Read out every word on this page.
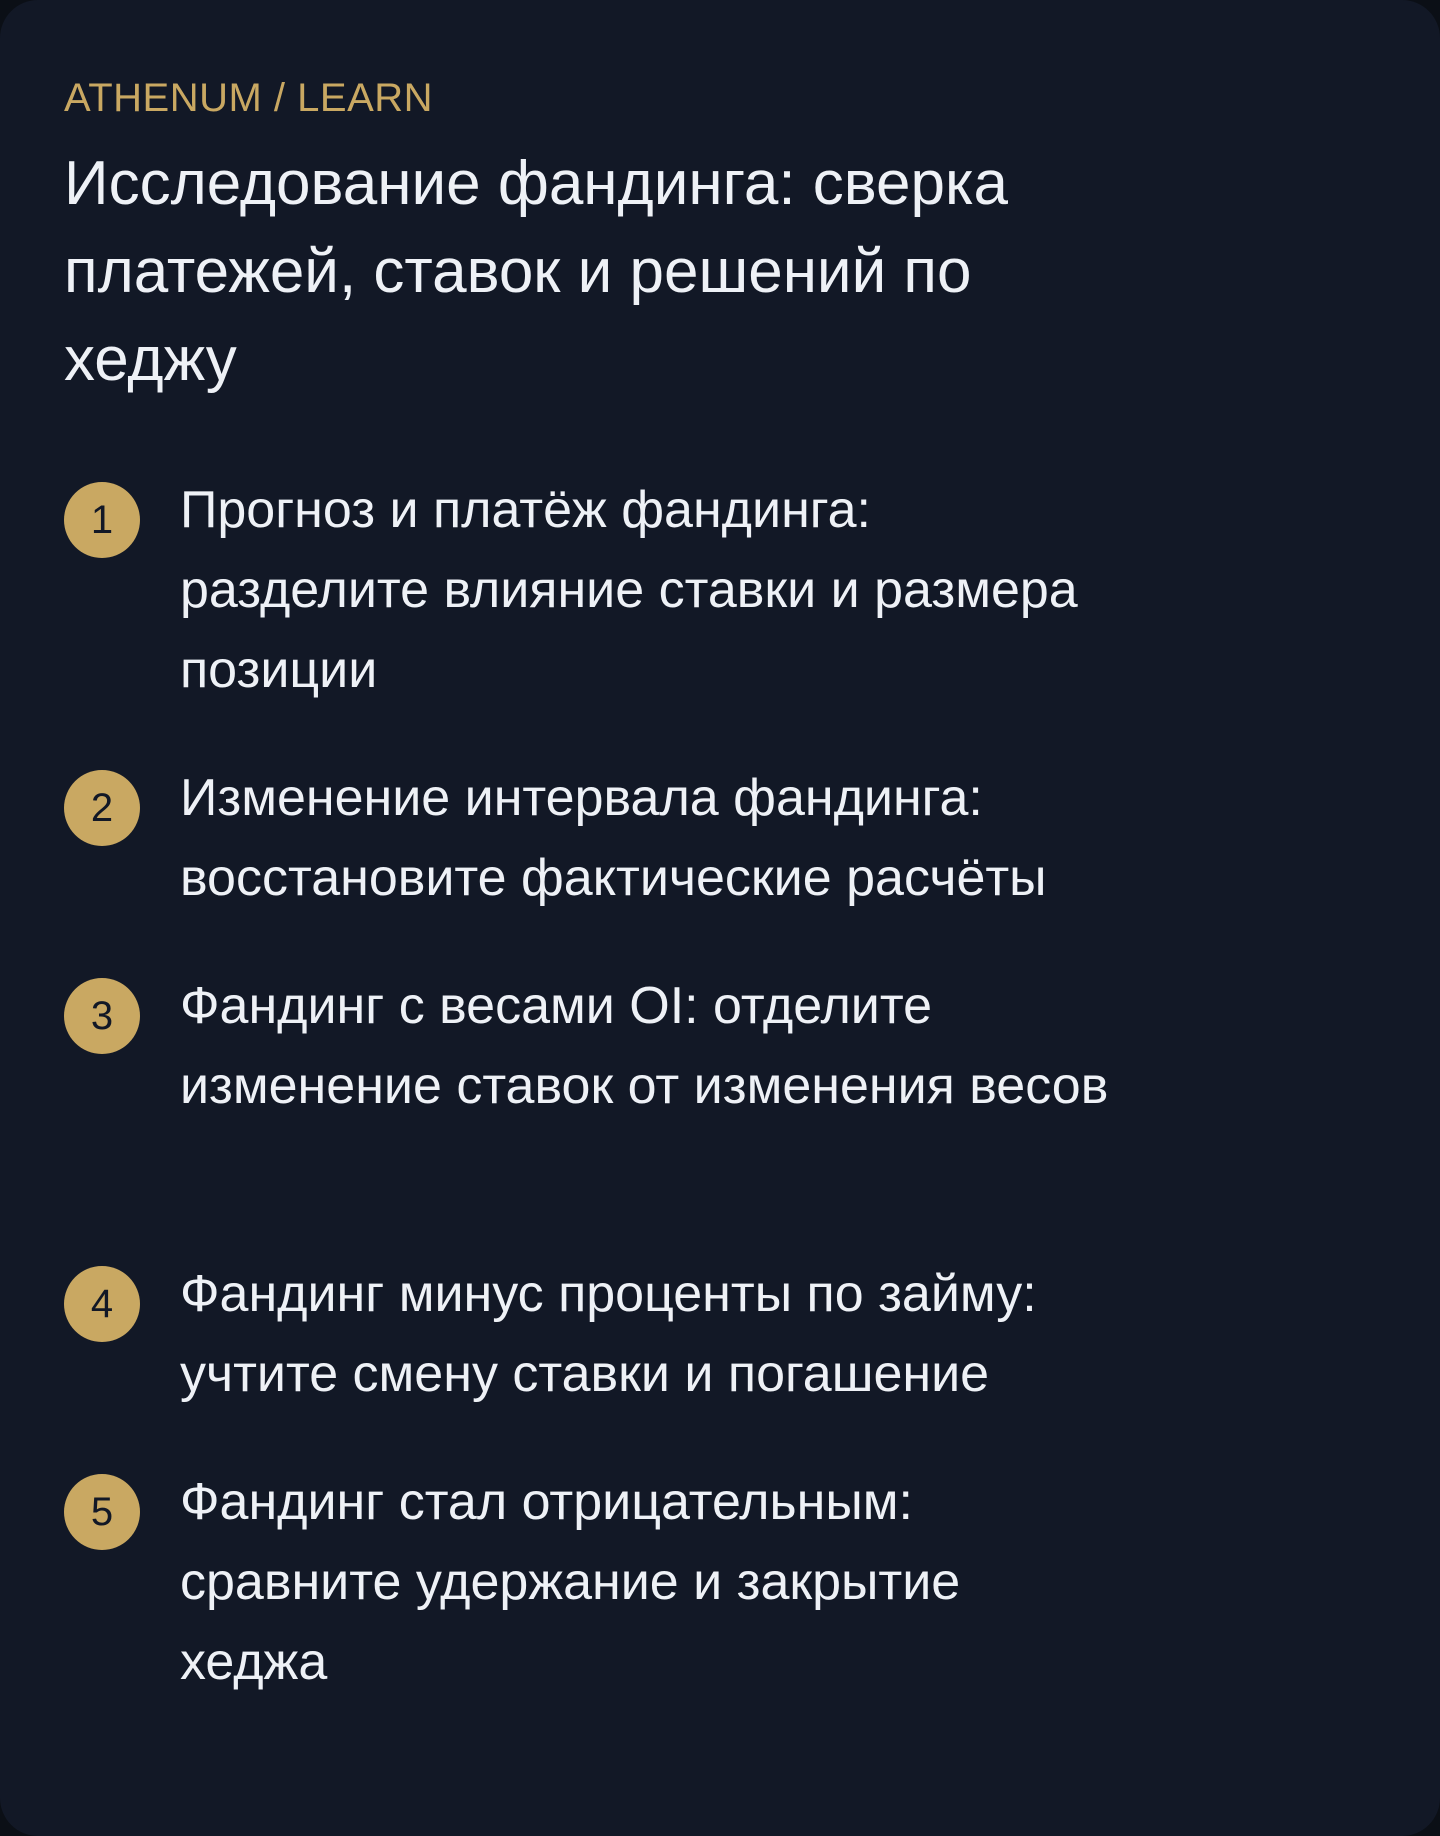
ATHENUM / LEARN
Исследование фандинга: сверка платежей, ставок и решений по хеджу
1	Прогноз и платёж фандинга: разделите влияние ставки и размера позиции
2	Изменение интервала фандинга: восстановите фактические расчёты
3	Фандинг с весами OI: отделите изменение ставок от изменения весов
4	Фандинг минус проценты по займу: учтите смену ставки и погашение
5	Фандинг стал отрицательным: сравните удержание и закрытие хеджа
